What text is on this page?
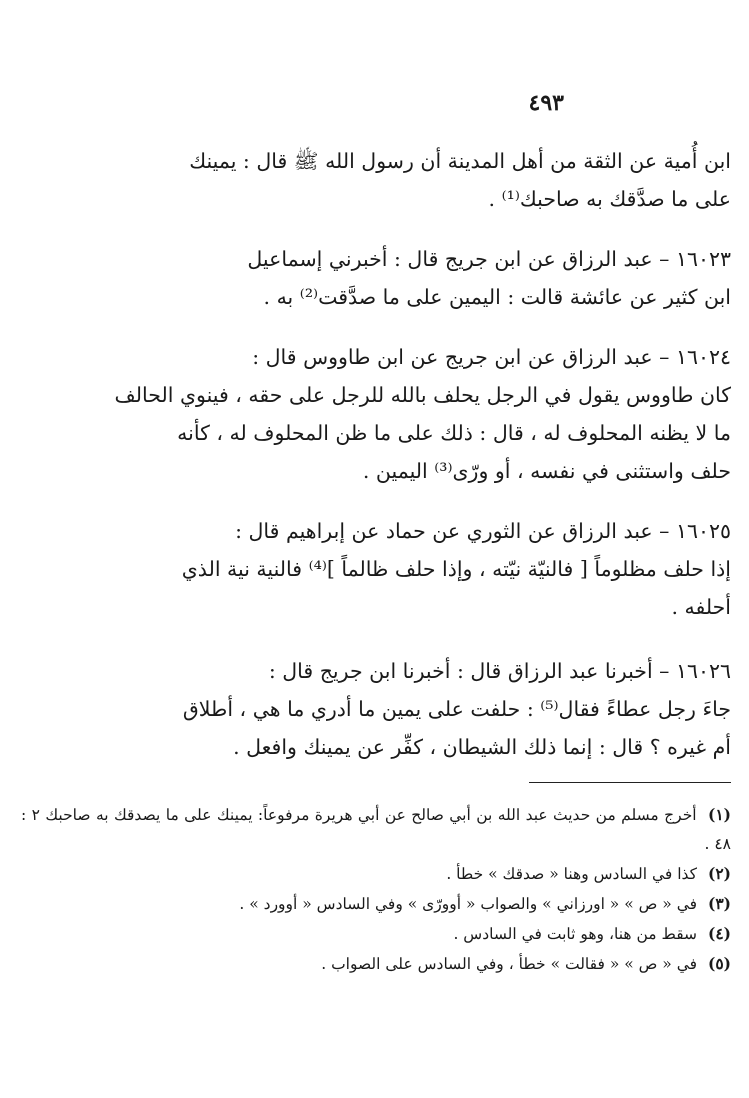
٤٩٣
ابن أُمية عن الثقة من أهل المدينة أن رسول الله ﷺ قال : يمينك
على ما صدَّقك به صاحبك⁽¹⁾ .
١٦٠٢٣ – عبد الرزاق عن ابن جريج قال : أخبرني إسماعيل
ابن كثير عن عائشة قالت : اليمين على ما صدَّقت⁽²⁾ به .
١٦٠٢٤ – عبد الرزاق عن ابن جريج عن ابن طاووس قال :
كان طاووس يقول في الرجل يحلف بالله للرجل على حقه ، فينوي الحالف
ما لا يظنه المحلوف له ، قال : ذلك على ما ظن المحلوف له ، كأنه
حلف واستثنى في نفسه ، أو ورّى⁽³⁾ اليمين .
١٦٠٢٥ – عبد الرزاق عن الثوري عن حماد عن إبراهيم قال :
إذا حلف مظلوماً [ فالنيّة نيّته ، وإذا حلف ظالماً ]⁽⁴⁾ فالنية نية الذي
أحلفه .
١٦٠٢٦ – أخبرنا عبد الرزاق قال : أخبرنا ابن جريج قال :
جاءَ رجل عطاءً فقال⁽⁵⁾ : حلفت على يمين ما أدري ما هي ، أطلاق
أم غيره ؟ قال : إنما ذلك الشيطان ، كفِّر عن يمينك وافعل .

(١) أخرج مسلم من حديث عبد الله بن أبي صالح عن أبي هريرة مرفوعاً: يمينك على ما يصدقك به صاحبك ٢ : ٤٨ .

(٢) كذا في السادس وهنا « صدقك » خطأ .

(٣) في « ص » « اورزاني » والصواب « أوورّى » وفي السادس « أوورد » .

(٤) سقط من هنا، وهو ثابت في السادس .

(٥) في « ص » « فقالت » خطأ ، وفي السادس على الصواب .
